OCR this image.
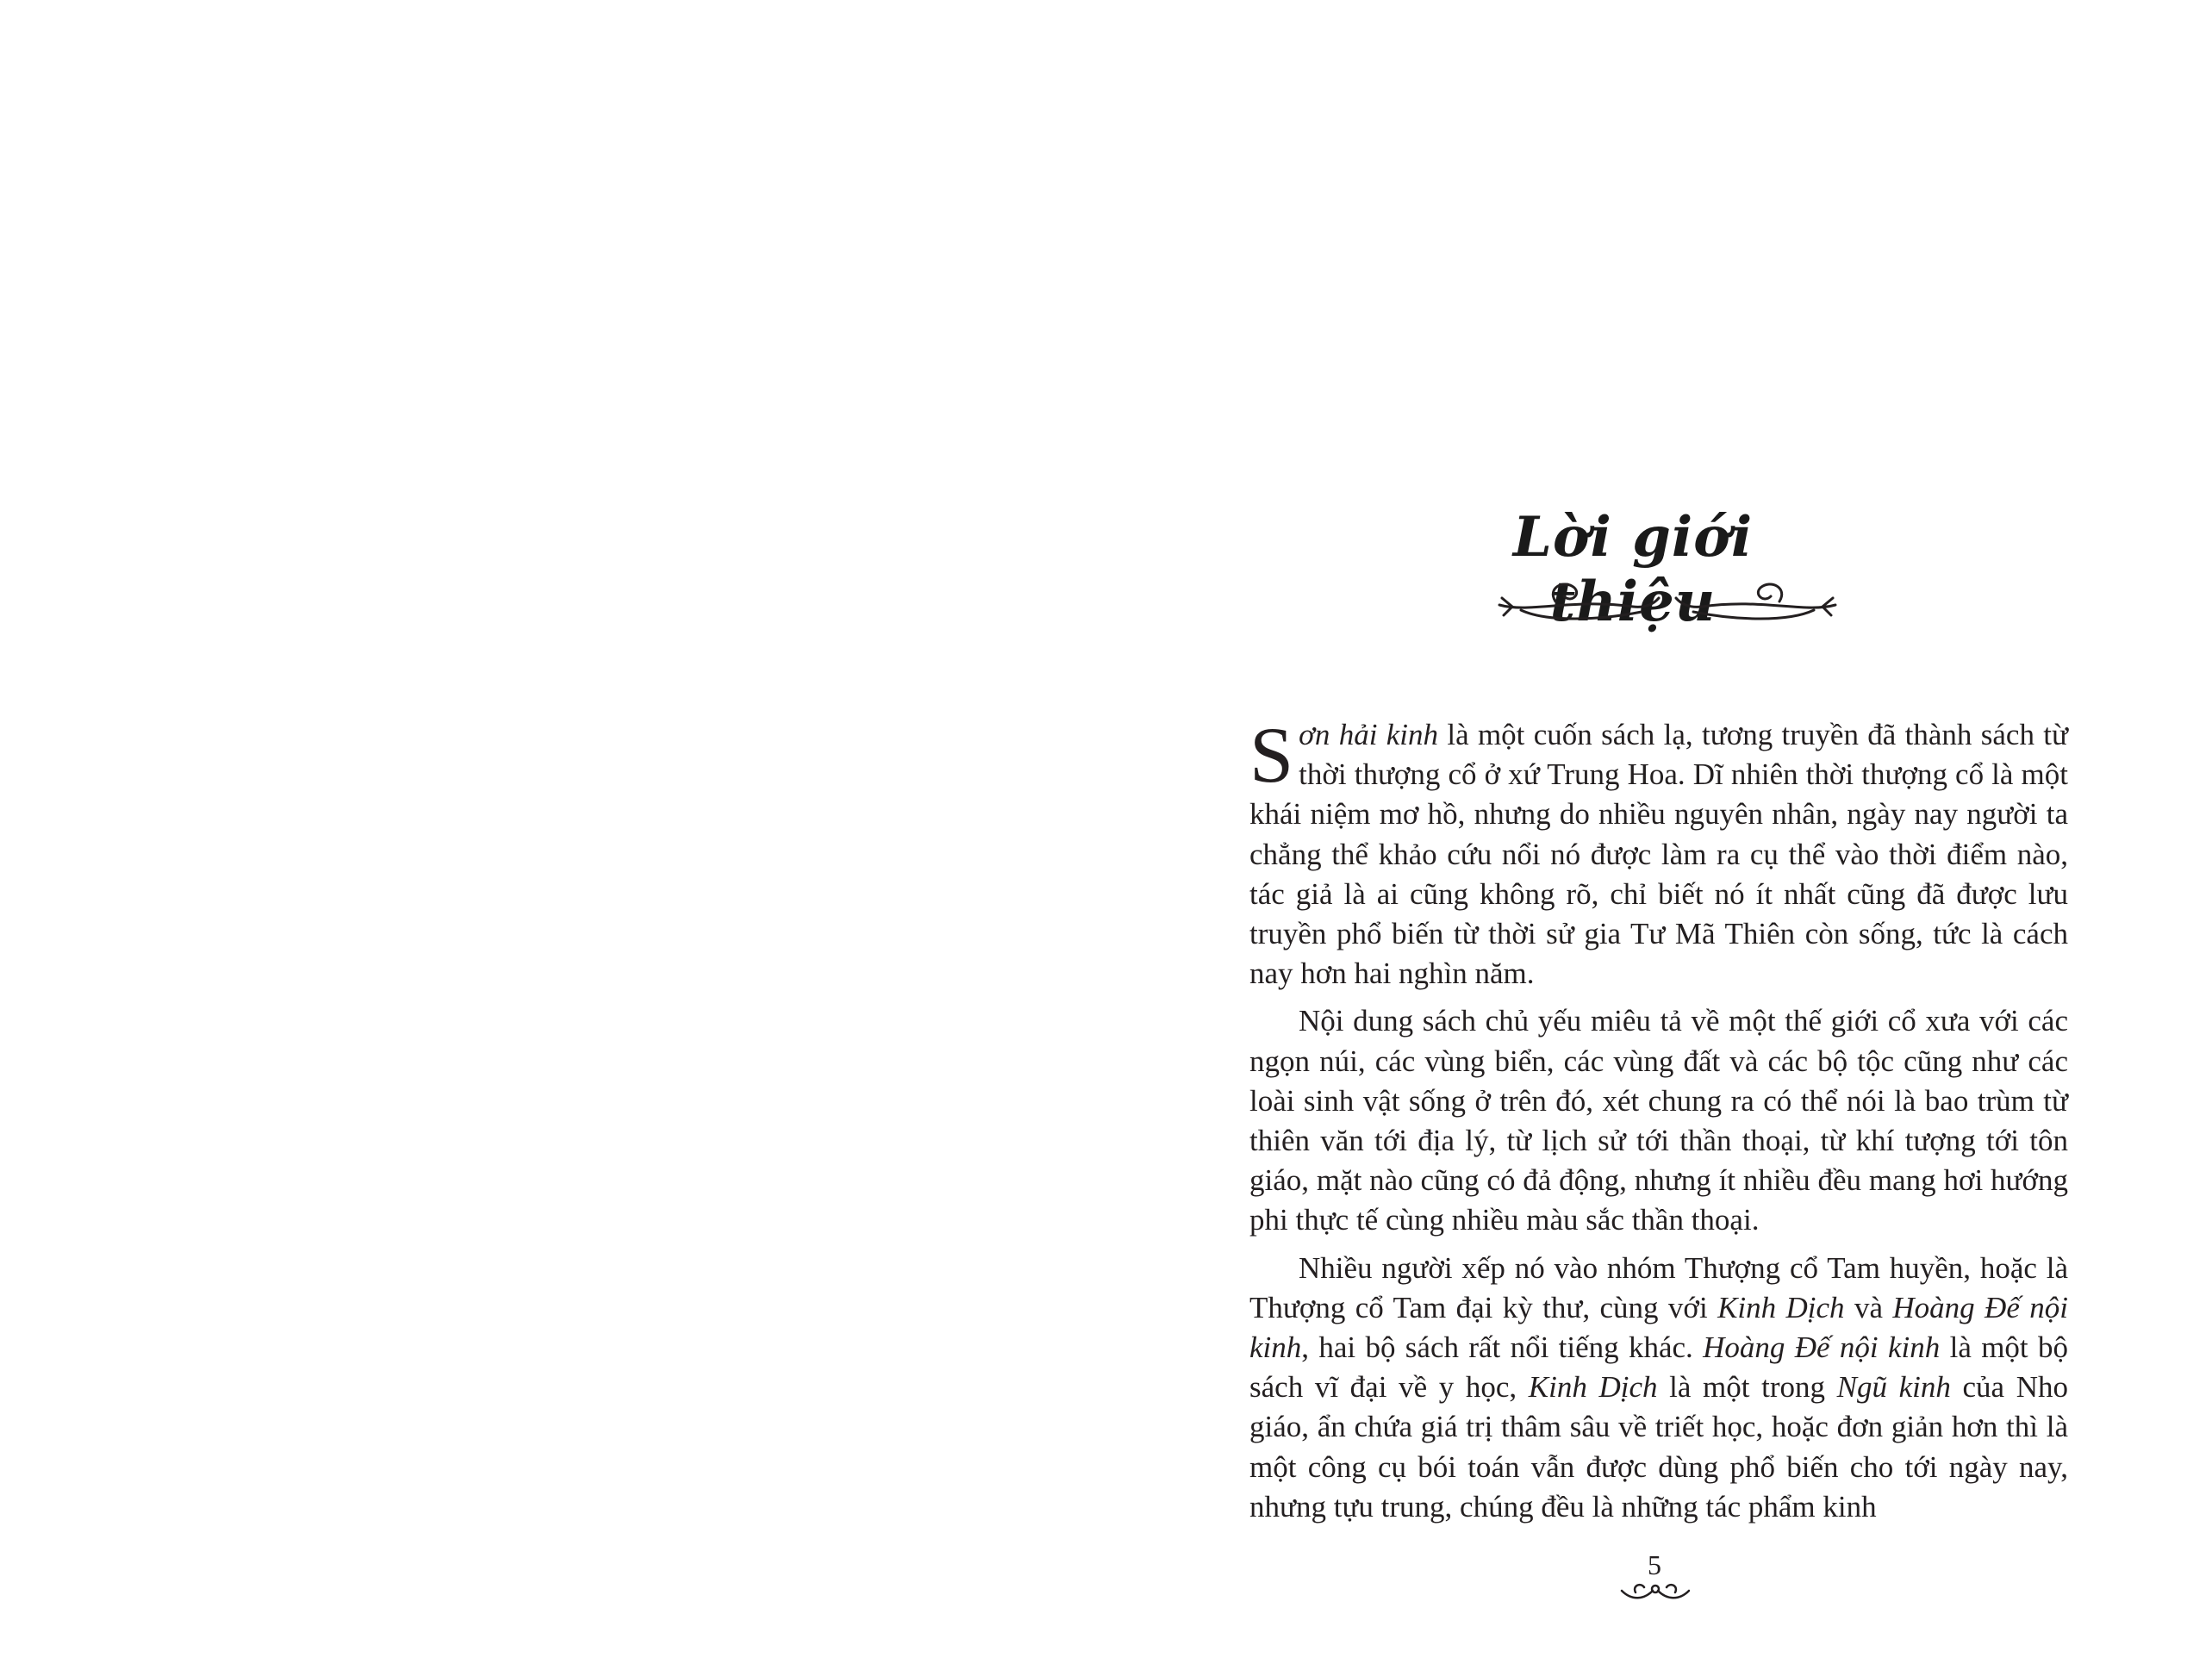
Lời giới thiệu

Sơn hải kinh là một cuốn sách lạ, tương truyền đã thành sách từ thời thượng cổ ở xứ Trung Hoa. Dĩ nhiên thời thượng cổ là một khái niệm mơ hồ, nhưng do nhiều nguyên nhân, ngày nay người ta chẳng thể khảo cứu nổi nó được làm ra cụ thể vào thời điểm nào, tác giả là ai cũng không rõ, chỉ biết nó ít nhất cũng đã được lưu truyền phổ biến từ thời sử gia Tư Mã Thiên còn sống, tức là cách nay hơn hai nghìn năm.

Nội dung sách chủ yếu miêu tả về một thế giới cổ xưa với các ngọn núi, các vùng biển, các vùng đất và các bộ tộc cũng như các loài sinh vật sống ở trên đó, xét chung ra có thể nói là bao trùm từ thiên văn tới địa lý, từ lịch sử tới thần thoại, từ khí tượng tới tôn giáo, mặt nào cũng có đả động, nhưng ít nhiều đều mang hơi hướng phi thực tế cùng nhiều màu sắc thần thoại.

Nhiều người xếp nó vào nhóm Thượng cổ Tam huyền, hoặc là Thượng cổ Tam đại kỳ thư, cùng với Kinh Dịch và Hoàng Đế nội kinh, hai bộ sách rất nổi tiếng khác. Hoàng Đế nội kinh là một bộ sách vĩ đại về y học, Kinh Dịch là một trong Ngũ kinh của Nho giáo, ẩn chứa giá trị thâm sâu về triết học, hoặc đơn giản hơn thì là một công cụ bói toán vẫn được dùng phổ biến cho tới ngày nay, nhưng tựu trung, chúng đều là những tác phẩm kinh

5
